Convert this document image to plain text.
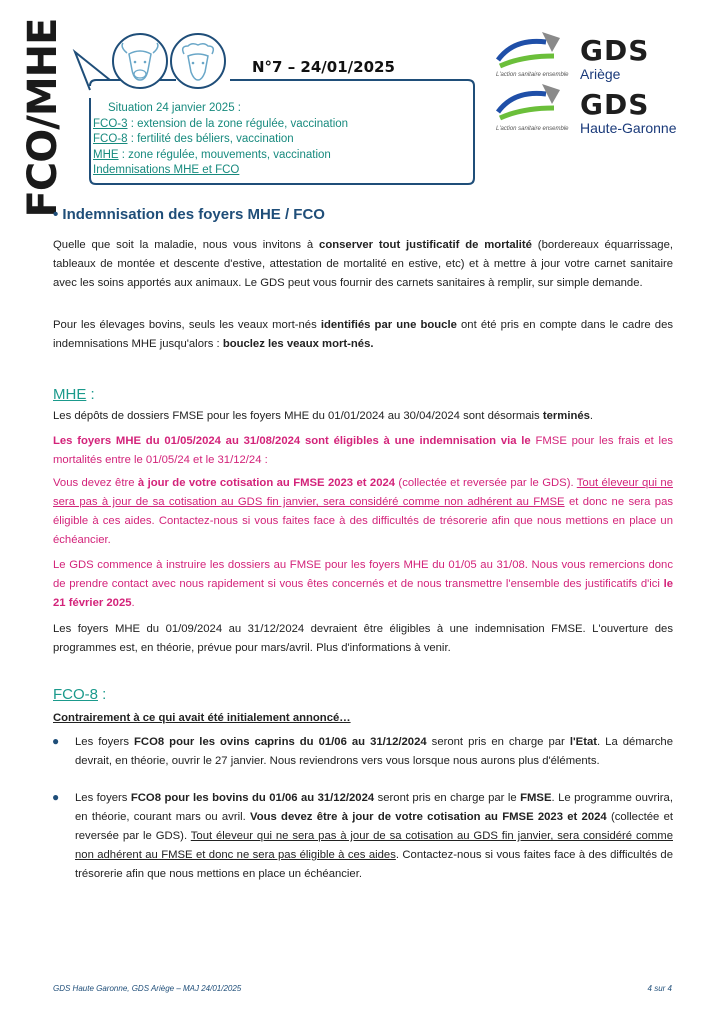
FCO/MHE	N°7 – 24/01/2025
Situation 24 janvier 2025 :
FCO-3 : extension de la zone régulée, vaccination
FCO-8 : fertilité des béliers, vaccination
MHE : zone régulée, mouvements, vaccination
Indemnisations MHE et FCO
L'action sanitaire ensemble
GDS
Ariège
L'action sanitaire ensemble
GDS
Haute-Garonne
• Indemnisation des foyers MHE / FCO
Quelle que soit la maladie, nous vous invitons à conserver tout justificatif de mortalité (bordereaux équarrissage, tableaux de montée et descente d'estive, attestation de mortalité en estive, etc) et à mettre à jour votre carnet sanitaire avec les soins apportés aux animaux. Le GDS peut vous fournir des carnets sanitaires à remplir, sur simple demande.
Pour les élevages bovins, seuls les veaux mort-nés identifiés par une boucle ont été pris en compte dans le cadre des indemnisations MHE jusqu'alors : bouclez les veaux mort-nés.
MHE :
Les dépôts de dossiers FMSE pour les foyers MHE du 01/01/2024 au 30/04/2024 sont désormais terminés.
Les foyers MHE du 01/05/2024 au 31/08/2024 sont éligibles à une indemnisation via le FMSE pour les frais et les mortalités entre le 01/05/24 et le 31/12/24 :
Vous devez être à jour de votre cotisation au FMSE 2023 et 2024 (collectée et reversée par le GDS). Tout éleveur qui ne sera pas à jour de sa cotisation au GDS fin janvier, sera considéré comme non adhérent au FMSE et donc ne sera pas éligible à ces aides. Contactez-nous si vous faites face à des difficultés de trésorerie afin que nous mettions en place un échéancier.
Le GDS commence à instruire les dossiers au FMSE pour les foyers MHE du 01/05 au 31/08. Nous vous remercions donc de prendre contact avec nous rapidement si vous êtes concernés et de nous transmettre l'ensemble des justificatifs d'ici le 21 février 2025.
Les foyers MHE du 01/09/2024 au 31/12/2024 devraient être éligibles à une indemnisation FMSE. L'ouverture des programmes est, en théorie, prévue pour mars/avril. Plus d'informations à venir.
FCO-8 :
Contrairement à ce qui avait été initialement annoncé…
● Les foyers FCO8 pour les ovins caprins du 01/06 au 31/12/2024 seront pris en charge par l'Etat. La démarche devrait, en théorie, ouvrir le 27 janvier. Nous reviendrons vers vous lorsque nous aurons plus d'éléments.
● Les foyers FCO8 pour les bovins du 01/06 au 31/12/2024 seront pris en charge par le FMSE. Le programme ouvrira, en théorie, courant mars ou avril. Vous devez être à jour de votre cotisation au FMSE 2023 et 2024 (collectée et reversée par le GDS). Tout éleveur qui ne sera pas à jour de sa cotisation au GDS fin janvier, sera considéré comme non adhérent au FMSE et donc ne sera pas éligible à ces aides. Contactez-nous si vous faites face à des difficultés de trésorerie afin que nous mettions en place un échéancier.
GDS Haute Garonne, GDS Ariège – MAJ 24/01/2025	4 sur 4
